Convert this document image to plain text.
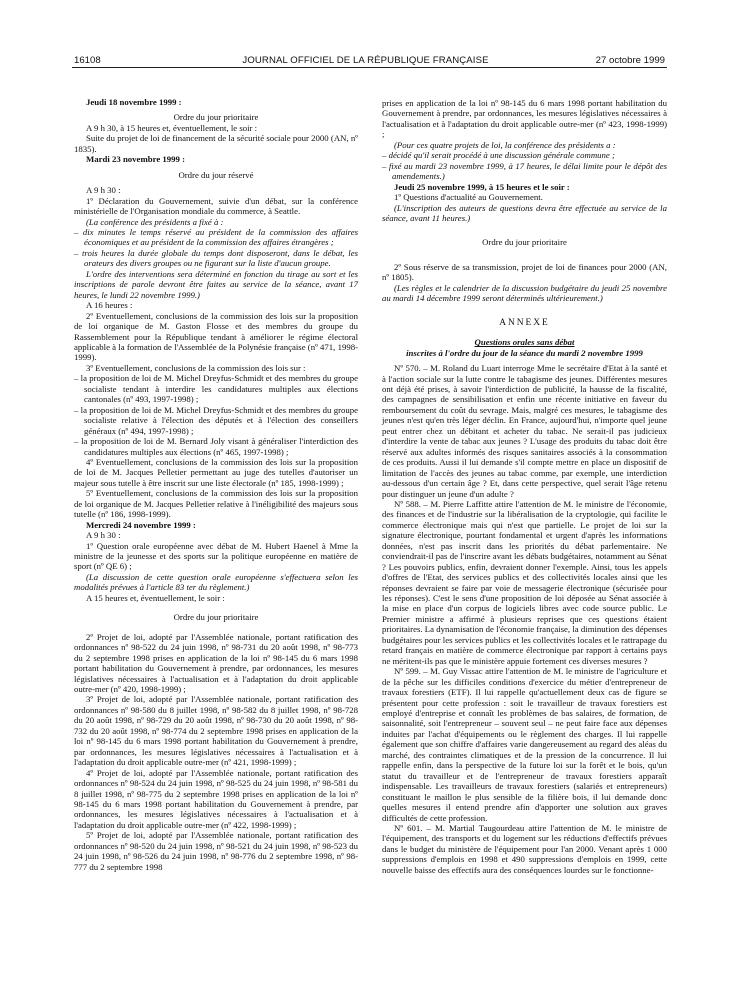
16108	JOURNAL OFFICIEL DE LA RÉPUBLIQUE FRANÇAISE	27 octobre 1999

Jeudi 18 novembre 1999 :

Ordre du jour prioritaire

A 9 h 30, à 15 heures et, éventuellement, le soir :

Suite du projet de loi de financement de la sécurité sociale pour 2000 (AN, nº 1835).

Mardi 23 novembre 1999 :

Ordre du jour réservé

A 9 h 30 :

1º Déclaration du Gouvernement, suivie d'un débat, sur la conférence ministérielle de l'Organisation mondiale du commerce, à Seattle.

(La conférence des présidents a fixé à :

– dix minutes le temps réservé au président de la commission des affaires économiques et au président de la commission des affaires étrangères ;

– trois heures la durée globale du temps dont disposeront, dans le débat, les orateurs des divers groupes ou ne figurant sur la liste d'aucun groupe.

L'ordre des interventions sera déterminé en fonction du tirage au sort et les inscriptions de parole devront être faites au service de la séance, avant 17 heures, le lundi 22 novembre 1999.)

A 16 heures :

2º Eventuellement, conclusions de la commission des lois sur la proposition de loi organique de M. Gaston Flosse et des membres du groupe du Rassemblement pour la République tendant à améliorer le régime électoral applicable à la formation de l'Assemblée de la Polynésie française (nº 471, 1998-1999).

3º Eventuellement, conclusions de la commission des lois sur :

– la proposition de loi de M. Michel Dreyfus-Schmidt et des membres du groupe socialiste tendant à interdire les candidatures multiples aux élections cantonales (nº 493, 1997-1998) ;

– la proposition de loi de M. Michel Dreyfus-Schmidt et des membres du groupe socialiste relative à l'élection des députés et à l'élection des conseillers généraux (nº 494, 1997-1998) ;

– la proposition de loi de M. Bernard Joly visant à généraliser l'interdiction des candidatures multiples aux élections (nº 465, 1997-1998) ;

4º Eventuellement, conclusions de la commission des lois sur la proposition de loi de M. Jacques Pelletier permettant au juge des tutelles d'autoriser un majeur sous tutelle à être inscrit sur une liste électorale (nº 185, 1998-1999) ;

5º Eventuellement, conclusions de la commission des lois sur la proposition de loi organique de M. Jacques Pelletier relative à l'inéligibilité des majeurs sous tutelle (nº 186, 1998-1999).

Mercredi 24 novembre 1999 :

A 9 h 30 :

1º Question orale européenne avec débat de M. Hubert Haenel à Mme la ministre de la jeunesse et des sports sur la politique européenne en matière de sport (nº QE 6) ;

(La discussion de cette question orale européenne s'effectuera selon les modalités prévues à l'article 83 ter du règlement.)

A 15 heures et, éventuellement, le soir :

Ordre du jour prioritaire

2º Projet de loi, adopté par l'Assemblée nationale, portant ratification des ordonnances nº 98-522 du 24 juin 1998, nº 98-731 du 20 août 1998, nº 98-773 du 2 septembre 1998 prises en application de la loi nº 98-145 du 6 mars 1998 portant habilitation du Gouvernement à prendre, par ordonnances, les mesures législatives nécessaires à l'actualisation et à l'adaptation du droit applicable outre-mer (nº 420, 1998-1999) ;

3º Projet de loi, adopté par l'Assemblée nationale, portant ratification des ordonnances nº 98-580 du 8 juillet 1998, nº 98-582 du 8 juillet 1998, nº 98-728 du 20 août 1998, nº 98-729 du 20 août 1998, nº 98-730 du 20 août 1998, nº 98-732 du 20 août 1998, nº 98-774 du 2 septembre 1998 prises en application de la loi nº 98-145 du 6 mars 1998 portant habilitation du Gouvernement à prendre, par ordonnances, les mesures législatives nécessaires à l'actualisation et à l'adaptation du droit applicable outre-mer (nº 421, 1998-1999) ;

4º Projet de loi, adopté par l'Assemblée nationale, portant ratification des ordonnances nº 98-524 du 24 juin 1998, nº 98-525 du 24 juin 1998, nº 98-581 du 8 juillet 1998, nº 98-775 du 2 septembre 1998 prises en application de la loi nº 98-145 du 6 mars 1998 portant habilitation du Gouvernement à prendre, par ordonnances, les mesures législatives nécessaires à l'actualisation et à l'adaptation du droit applicable outre-mer (nº 422, 1998-1999) ;

5º Projet de loi, adopté par l'Assemblée nationale, portant ratification des ordonnances nº 98-520 du 24 juin 1998, nº 98-521 du 24 juin 1998, nº 98-523 du 24 juin 1998, nº 98-526 du 24 juin 1998, nº 98-776 du 2 septembre 1998, nº 98-777 du 2 septembre 1998

prises en application de la loi nº 98-145 du 6 mars 1998 portant habilitation du Gouvernement à prendre, par ordonnances, les mesures législatives nécessaires à l'actualisation et à l'adaptation du droit applicable outre-mer (nº 423, 1998-1999) ;

(Pour ces quatre projets de loi, la conférence des présidents a :

– décidé qu'il serait procédé à une discussion générale commune ;

– fixé au mardi 23 novembre 1999, à 17 heures, le délai limite pour le dépôt des amendements.)

Jeudi 25 novembre 1999, à 15 heures et le soir :

1º Questions d'actualité au Gouvernement.

(L'inscription des auteurs de questions devra être effectuée au service de la séance, avant 11 heures.)

Ordre du jour prioritaire

2º Sous réserve de sa transmission, projet de loi de finances pour 2000 (AN, nº 1805).

(Les règles et le calendrier de la discussion budgétaire du jeudi 25 novembre au mardi 14 décembre 1999 seront déterminés ultérieurement.)

ANNEXE

Questions orales sans débat

inscrites à l'ordre du jour de la séance du mardi 2 novembre 1999

Nº 570. – M. Roland du Luart interroge Mme le secrétaire d'Etat à la santé et à l'action sociale sur la lutte contre le tabagisme des jeunes. Différentes mesures ont déjà été prises, à savoir l'interdiction de publicité, la hausse de la fiscalité, des campagnes de sensibilisation et enfin une récente initiative en faveur du remboursement du coût du sevrage. Mais, malgré ces mesures, le tabagisme des jeunes n'est qu'en très léger déclin. En France, aujourd'hui, n'importe quel jeune peut entrer chez un débitant et acheter du tabac. Ne serait-il pas judicieux d'interdire la vente de tabac aux jeunes ? L'usage des produits du tabac doit être réservé aux adultes informés des risques sanitaires associés à la consommation de ces produits. Aussi il lui demande s'il compte mettre en place un dispositif de limitation de l'accès des jeunes au tabac comme, par exemple, une interdiction au-dessous d'un certain âge ? Et, dans cette perspective, quel serait l'âge retenu pour distinguer un jeune d'un adulte ?

Nº 588. – M. Pierre Laffitte attire l'attention de M. le ministre de l'économie, des finances et de l'industrie sur la libéralisation de la cryptologie, qui facilite le commerce électronique mais qui n'est que partielle. Le projet de loi sur la signature électronique, pourtant fondamental et urgent d'après les informations données, n'est pas inscrit dans les priorités du débat parlementaire. Ne conviendrait-il pas de l'inscrire avant les débats budgétaires, notamment au Sénat ? Les pouvoirs publics, enfin, devraient donner l'exemple. Ainsi, tous les appels d'offres de l'Etat, des services publics et des collectivités locales ainsi que les réponses devraient se faire par voie de messagerie électronique (sécurisée pour les réponses). C'est le sens d'une proposition de loi déposée au Sénat associée à la mise en place d'un corpus de logiciels libres avec code source public. Le Premier ministre a affirmé à plusieurs reprises que ces questions étaient prioritaires. La dynamisation de l'économie française, la diminution des dépenses budgétaires pour les services publics et les collectivités locales et le rattrapage du retard français en matière de commerce électronique par rapport à certains pays ne méritent-ils pas que le ministère appuie fortement ces diverses mesures ?

Nº 599. – M. Guy Vissac attire l'attention de M. le ministre de l'agriculture et de la pêche sur les difficiles conditions d'exercice du métier d'entrepreneur de travaux forestiers (ETF). Il lui rappelle qu'actuellement deux cas de figure se présentent pour cette profession : soit le travailleur de travaux forestiers est employé d'entreprise et connaît les problèmes de bas salaires, de formation, de saisonnalité, soit l'entrepreneur – souvent seul – ne peut faire face aux dépenses induites par l'achat d'équipements ou le règlement des charges. Il lui rappelle également que son chiffre d'affaires varie dangereusement au regard des aléas du marché, des contraintes climatiques et de la pression de la concurrence. Il lui rappelle enfin, dans la perspective de la future loi sur la forêt et le bois, qu'un statut du travailleur et de l'entrepreneur de travaux forestiers apparaît indispensable. Les travailleurs de travaux forestiers (salariés et entrepreneurs) constituant le maillon le plus sensible de la filière bois, il lui demande donc quelles mesures il entend prendre afin d'apporter une solution aux graves difficultés de cette profession.

Nº 601. – M. Martial Taugourdeau attire l'attention de M. le ministre de l'équipement, des transports et du logement sur les réductions d'effectifs prévues dans le budget du ministère de l'équipement pour l'an 2000. Venant après 1 000 suppressions d'emplois en 1998 et 490 suppressions d'emplois en 1999, cette nouvelle baisse des effectifs aura des conséquences lourdes sur le fonctionne-
